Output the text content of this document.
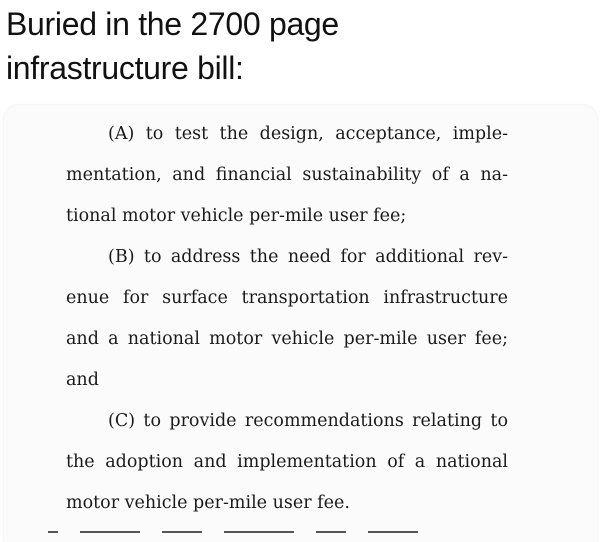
Buried in the 2700 page
infrastructure bill:
(A) to test the design, acceptance, imple-
mentation, and financial sustainability of a na-
tional motor vehicle per-mile user fee;
(B) to address the need for additional rev-
enue for surface transportation infrastructure
and a national motor vehicle per-mile user fee;
and
(C) to provide recommendations relating to
the adoption and implementation of a national
motor vehicle per-mile user fee.
